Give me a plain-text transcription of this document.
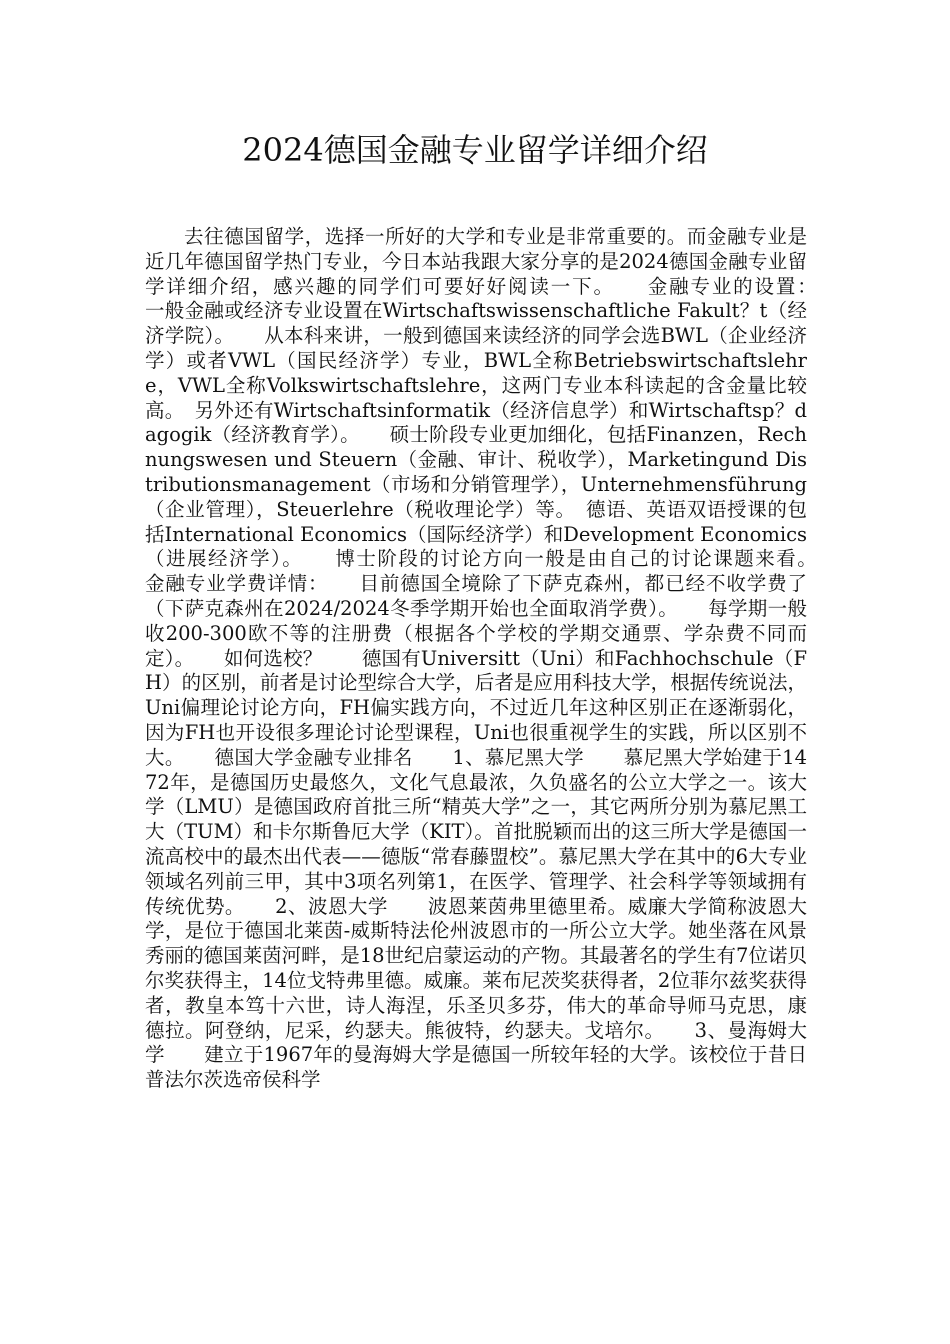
2024德国金融专业留学详细介绍

去往德国留学，选择一所好的大学和专业是非常重要的。而金融专业是近几年德国留学热门专业，今日本站我跟大家分享的是2024德国金融专业留学详细介绍，感兴趣的同学们可要好好阅读一下。　　金融专业的设置：　　一般金融或经济专业设置在Wirtschaftswissenschaftliche Fakult？t（经济学院）。　　从本科来讲，一般到德国来读经济的同学会选BWL（企业经济学）或者VWL（国民经济学）专业，BWL全称Betriebswirtschaftslehre，VWL全称Volkswirtschaftslehre，这两门专业本科读起的含金量比较高。　另外还有Wirtschaftsinformatik（经济信息学）和Wirtschaftsp？dagogik（经济教育学）。　　硕士阶段专业更加细化，包括Finanzen，Rechnungswesen und Steuern（金融、审计、税收学），Marketingund Distributionsmanagement（市场和分销管理学），Unternehmensführung（企业管理），Steuerlehre（税收理论学）等。　德语、英语双语授课的包括International Economics（国际经济学）和Development Economics （进展经济学）。　　博士阶段的讨论方向一般是由自己的讨论课题来看。　　金融专业学费详情：　　目前德国全境除了下萨克森州，都已经不收学费了（下萨克森州在2024/2024冬季学期开始也全面取消学费）。　　每学期一般收200-300欧不等的注册费（根据各个学校的学期交通票、学杂费不同而定）。　　如何选校？　　德国有Universitt（Uni）和Fachhochschule（FH）的区别，前者是讨论型综合大学，后者是应用科技大学，根据传统说法，Uni偏理论讨论方向，FH偏实践方向，不过近几年这种区别正在逐渐弱化，因为FH也开设很多理论讨论型课程，Uni也很重视学生的实践，所以区别不大。　　德国大学金融专业排名　　1、慕尼黑大学　　慕尼黑大学始建于1472年，是德国历史最悠久，文化气息最浓，久负盛名的公立大学之一。该大学（LMU）是德国政府首批三所“精英大学”之一，其它两所分别为慕尼黑工大（TUM）和卡尔斯鲁厄大学（KIT）。首批脱颖而出的这三所大学是德国一流高校中的最杰出代表——德版“常春藤盟校”。慕尼黑大学在其中的6大专业领域名列前三甲，其中3项名列第1，在医学、管理学、社会科学等领域拥有传统优势。　　2、波恩大学　　波恩莱茵弗里德里希。威廉大学简称波恩大学，是位于德国北莱茵-威斯特法伦州波恩市的一所公立大学。她坐落在风景秀丽的德国莱茵河畔，是18世纪启蒙运动的产物。其最著名的学生有7位诺贝尔奖获得主，14位戈特弗里德。威廉。莱布尼茨奖获得者，2位菲尔兹奖获得者，教皇本笃十六世，诗人海涅，乐圣贝多芬，伟大的革命导师马克思，康德拉。阿登纳，尼采，约瑟夫。熊彼特，约瑟夫。戈培尔。　　3、曼海姆大学　　建立于1967年的曼海姆大学是德国一所较年轻的大学。该校位于昔日普法尔茨选帝侯科学
